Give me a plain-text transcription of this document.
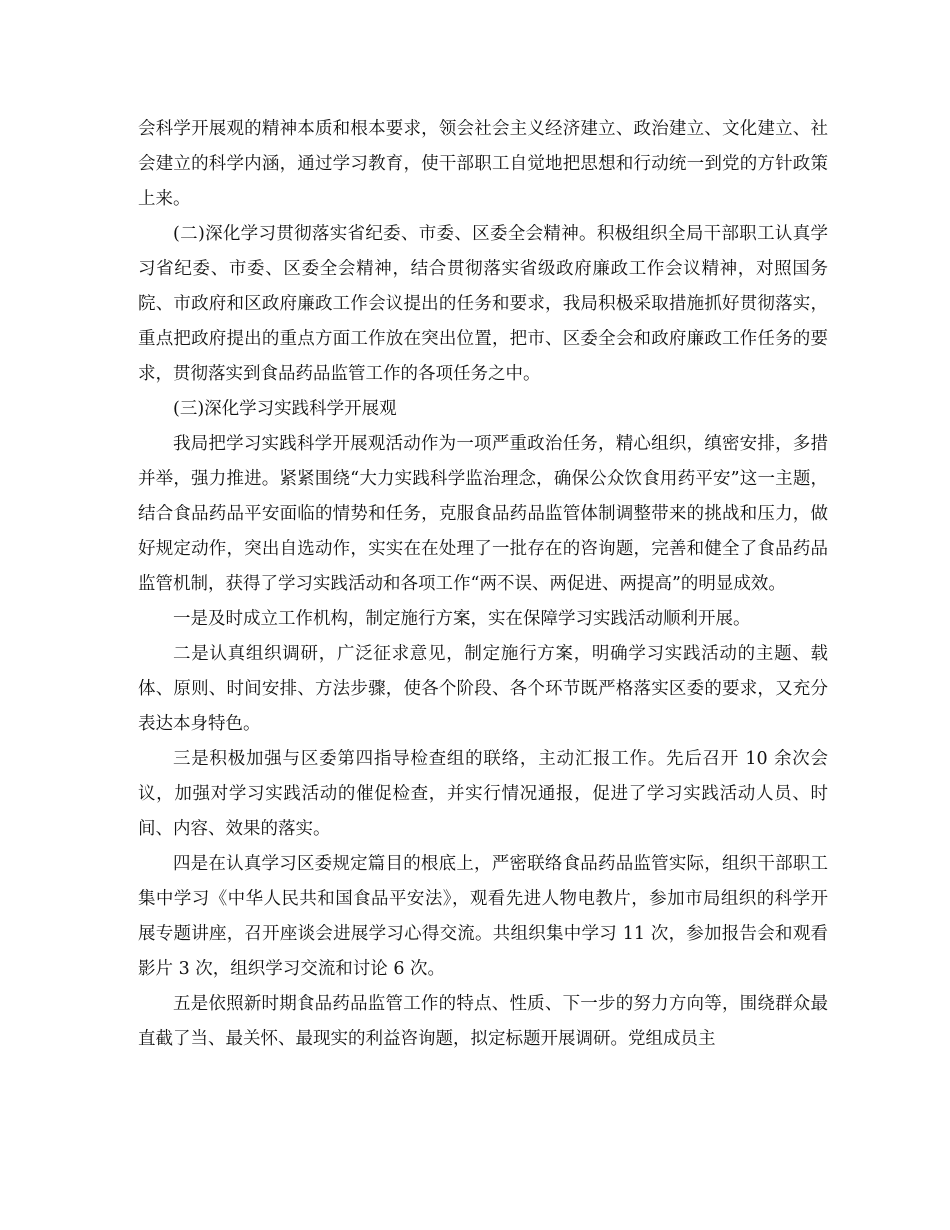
会科学开展观的精神本质和根本要求，领会社会主义经济建立、政治建立、文化建立、社会建立的科学内涵，通过学习教育，使干部职工自觉地把思想和行动统一到党的方针政策上来。

(二)深化学习贯彻落实省纪委、市委、区委全会精神。积极组织全局干部职工认真学习省纪委、市委、区委全会精神，结合贯彻落实省级政府廉政工作会议精神，对照国务院、市政府和区政府廉政工作会议提出的任务和要求，我局积极采取措施抓好贯彻落实，重点把政府提出的重点方面工作放在突出位置，把市、区委全会和政府廉政工作任务的要求，贯彻落实到食品药品监管工作的各项任务之中。

(三)深化学习实践科学开展观

我局把学习实践科学开展观活动作为一项严重政治任务，精心组织，缜密安排，多措并举，强力推进。紧紧围绕“大力实践科学监治理念，确保公众饮食用药平安”这一主题，结合食品药品平安面临的情势和任务，克服食品药品监管体制调整带来的挑战和压力，做好规定动作，突出自选动作，实实在在处理了一批存在的咨询题，完善和健全了食品药品监管机制，获得了学习实践活动和各项工作“两不误、两促进、两提高”的明显成效。

一是及时成立工作机构，制定施行方案，实在保障学习实践活动顺利开展。

二是认真组织调研，广泛征求意见，制定施行方案，明确学习实践活动的主题、载体、原则、时间安排、方法步骤，使各个阶段、各个环节既严格落实区委的要求，又充分表达本身特色。

三是积极加强与区委第四指导检查组的联络，主动汇报工作。先后召开 10 余次会议，加强对学习实践活动的催促检查，并实行情况通报，促进了学习实践活动人员、时间、内容、效果的落实。

四是在认真学习区委规定篇目的根底上，严密联络食品药品监管实际，组织干部职工集中学习《中华人民共和国食品平安法》，观看先进人物电教片，参加市局组织的科学开展专题讲座，召开座谈会进展学习心得交流。共组织集中学习 11 次，参加报告会和观看影片 3 次，组织学习交流和讨论 6 次。

五是依照新时期食品药品监管工作的特点、性质、下一步的努力方向等，围绕群众最直截了当、最关怀、最现实的利益咨询题，拟定标题开展调研。党组成员主
